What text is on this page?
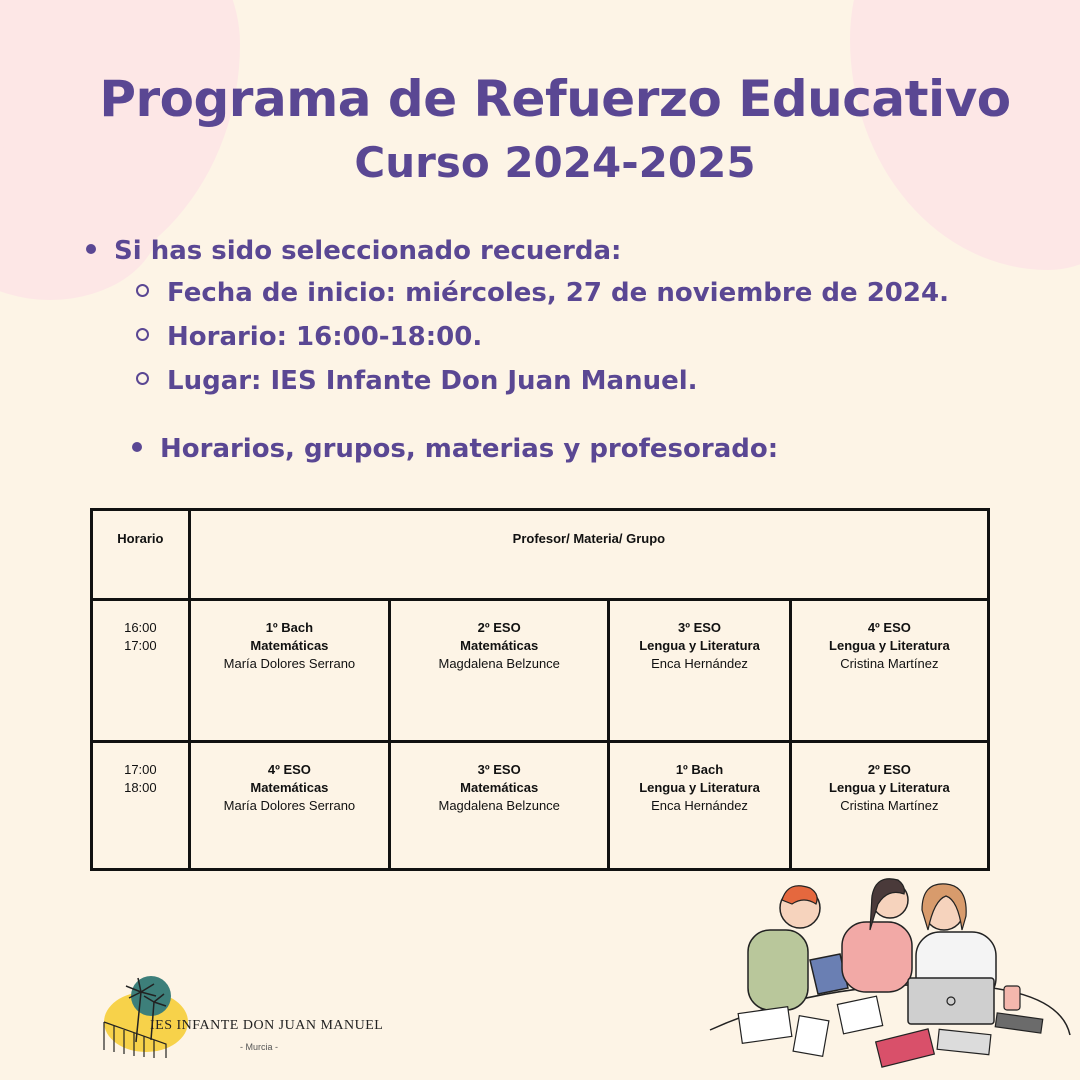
Programa de Refuerzo Educativo
Curso 2024-2025
Si has sido seleccionado recuerda:
Fecha de inicio: miércoles, 27 de noviembre de 2024.
Horario: 16:00-18:00.
Lugar: IES Infante Don Juan Manuel.
Horarios, grupos, materias y profesorado:
Horario	Profesor/ Materia/ Grupo			

16:00
17:00	1º Bach
Matemáticas
María Dolores Serrano	2º ESO
Matemáticas
Magdalena Belzunce	3º ESO
Lengua y Literatura
Enca Hernández	4º ESO
Lengua y Literatura
Cristina Martínez

17:00
18:00	4º ESO
Matemáticas
María Dolores Serrano	3º ESO
Matemáticas
Magdalena Belzunce	1º Bach
Lengua y Literatura
Enca Hernández	2º ESO
Lengua y Literatura
Cristina Martínez
IES INFANTE DON JUAN MANUEL
- Murcia -
